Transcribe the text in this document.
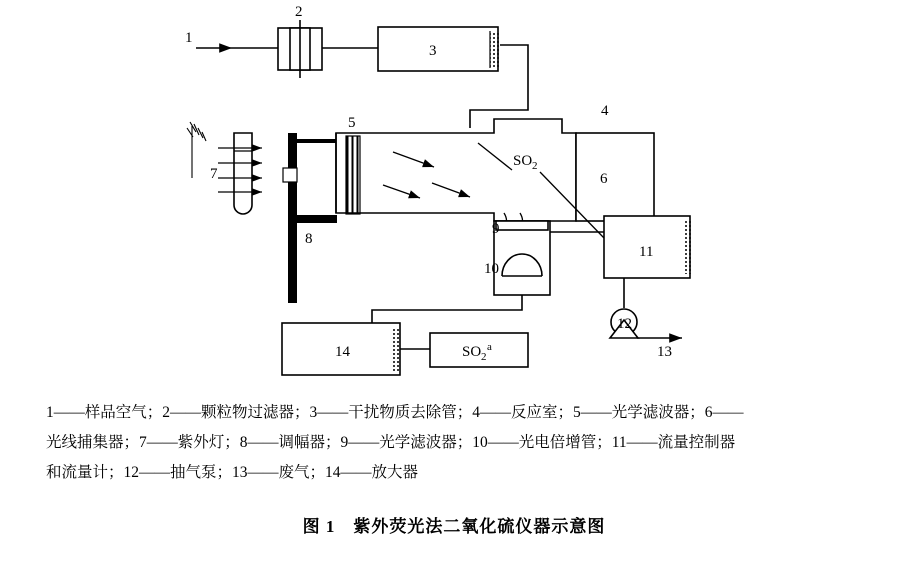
1
2
3
4
5
6
7
8
9
10
11
12
13
14
SO 2
SO 2
a
1——样品空气；2——颗粒物过滤器；3——干扰物质去除管；4——反应室；5——光学滤波器；6——
光线捕集器；7——紫外灯；8——调幅器；9——光学滤波器；10——光电倍增管；11——流量控制器
和流量计；12——抽气泵；13——废气；14——放大器
图 1　紫外荧光法二氧化硫仪器示意图
